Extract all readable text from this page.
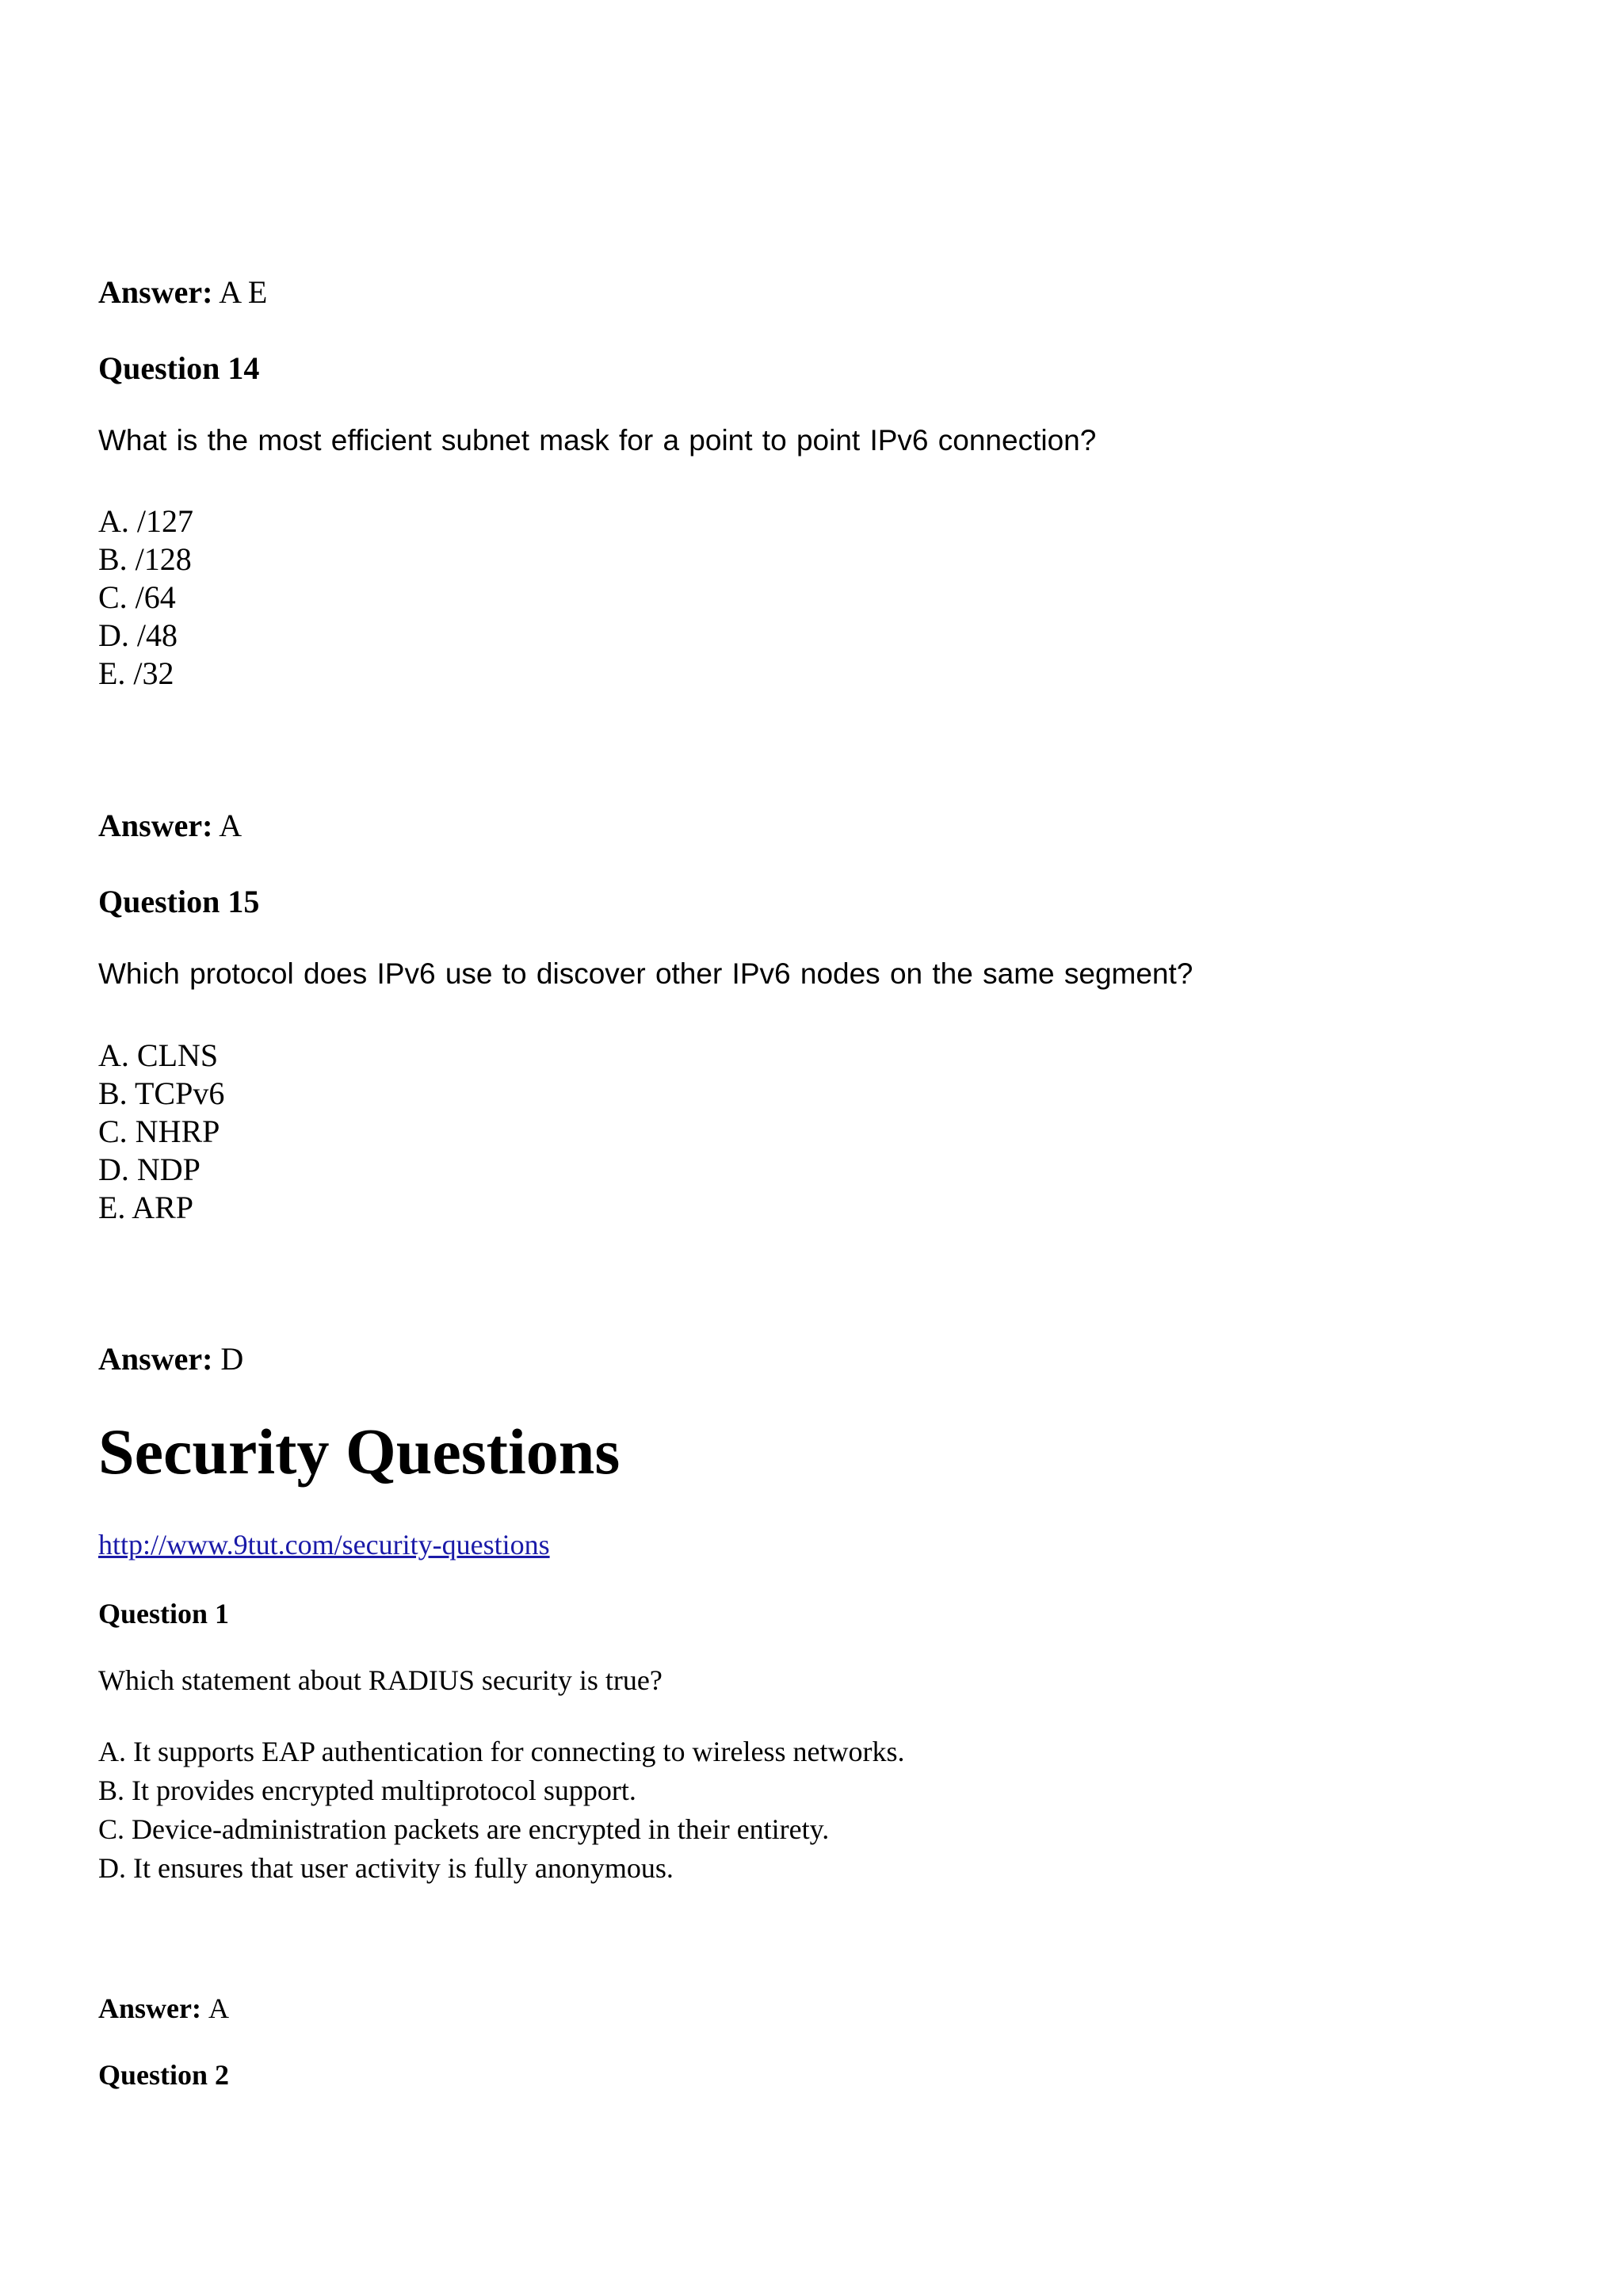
Answer: A E
Question 14
What is the most efficient subnet mask for a point to point IPv6 connection?
A. /127
B. /128
C. /64
D. /48
E. /32
Answer: A
Question 15
Which protocol does IPv6 use to discover other IPv6 nodes on the same segment?
A. CLNS
B. TCPv6
C. NHRP
D. NDP
E. ARP
Answer: D
Security Questions
http://www.9tut.com/security-questions
Question 1
Which statement about RADIUS security is true?
A. It supports EAP authentication for connecting to wireless networks.
B. It provides encrypted multiprotocol support.
C. Device-administration packets are encrypted in their entirety.
D. It ensures that user activity is fully anonymous.
Answer: A
Question 2
